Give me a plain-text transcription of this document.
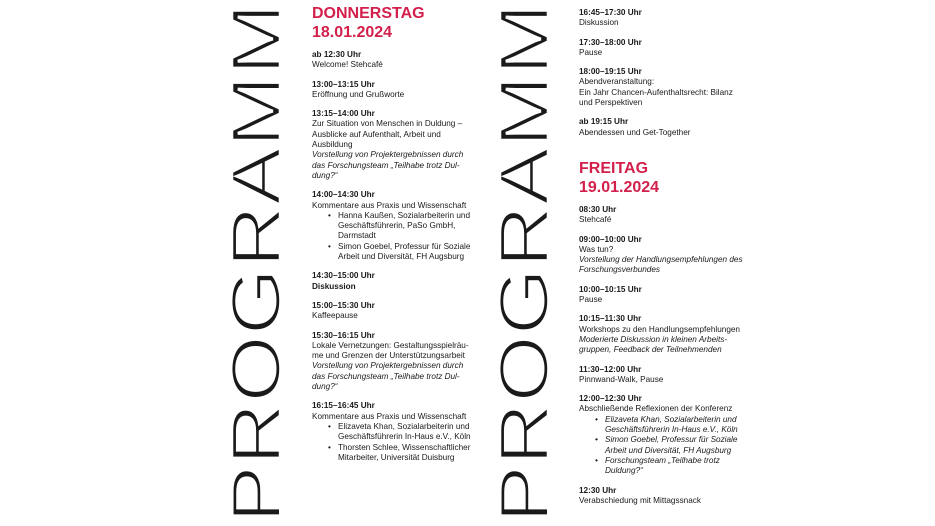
PROGRAMM	PROGRAMM
DONNERSTAG
18.01.2024
ab 12:30 Uhr
Welcome! Stehcafé
13:00–13:15 Uhr
Eröffnung und Grußworte
13:15–14:00 Uhr
Zur Situation von Menschen in Duldung –
Ausblicke auf Aufenthalt, Arbeit und
Ausbildung
Vorstellung von Projektergebnissen durch
das Forschungsteam „Teilhabe trotz Dul-
dung?“
14:00–14:30 Uhr
Kommentare aus Praxis und Wissenschaft
• Hanna Kaußen, Sozialarbeiterin und
Geschäftsführerin, PaSo GmbH,
Darmstadt
• Simon Goebel, Professur für Soziale
Arbeit und Diversität, FH Augsburg
14:30–15:00 Uhr
Diskussion
15:00–15:30 Uhr
Kaffeepause
15:30–16:15 Uhr
Lokale Vernetzungen: Gestaltungsspielräu-
me und Grenzen der Unterstützungsarbeit
Vorstellung von Projektergebnissen durch
das Forschungsteam „Teilhabe trotz Dul-
dung?“
16:15–16:45 Uhr
Kommentare aus Praxis und Wissenschaft
• Elizaveta Khan, Sozialarbeiterin und
Geschäftsführerin In-Haus e.V., Köln
• Thorsten Schlee, Wissenschaftlicher
Mitarbeiter, Universität Duisburg
16:45–17:30 Uhr
Diskussion
17:30–18:00 Uhr
Pause
18:00–19:15 Uhr
Abendveranstaltung:
Ein Jahr Chancen-Aufenthaltsrecht: Bilanz
und Perspektiven
ab 19:15 Uhr
Abendessen und Get-Together
FREITAG
19.01.2024
08:30 Uhr
Stehcafé
09:00–10:00 Uhr
Was tun?
Vorstellung der Handlungsempfehlungen des
Forschungsverbundes
10:00–10:15 Uhr
Pause
10:15–11:30 Uhr
Workshops zu den Handlungsempfehlungen
Moderierte Diskussion in kleinen Arbeits-
gruppen, Feedback der Teilnehmenden
11:30–12:00 Uhr
Pinnwand-Walk, Pause
12:00–12:30 Uhr
Abschließende Reflexionen der Konferenz
• Elizaveta Khan, Sozialarbeiterin und
Geschäftsführerin In-Haus e.V., Köln
• Simon Goebel, Professur für Soziale
Arbeit und Diversität, FH Augsburg
• Forschungsteam „Teilhabe trotz
Duldung?“
12:30 Uhr
Verabschiedung mit Mittagssnack
